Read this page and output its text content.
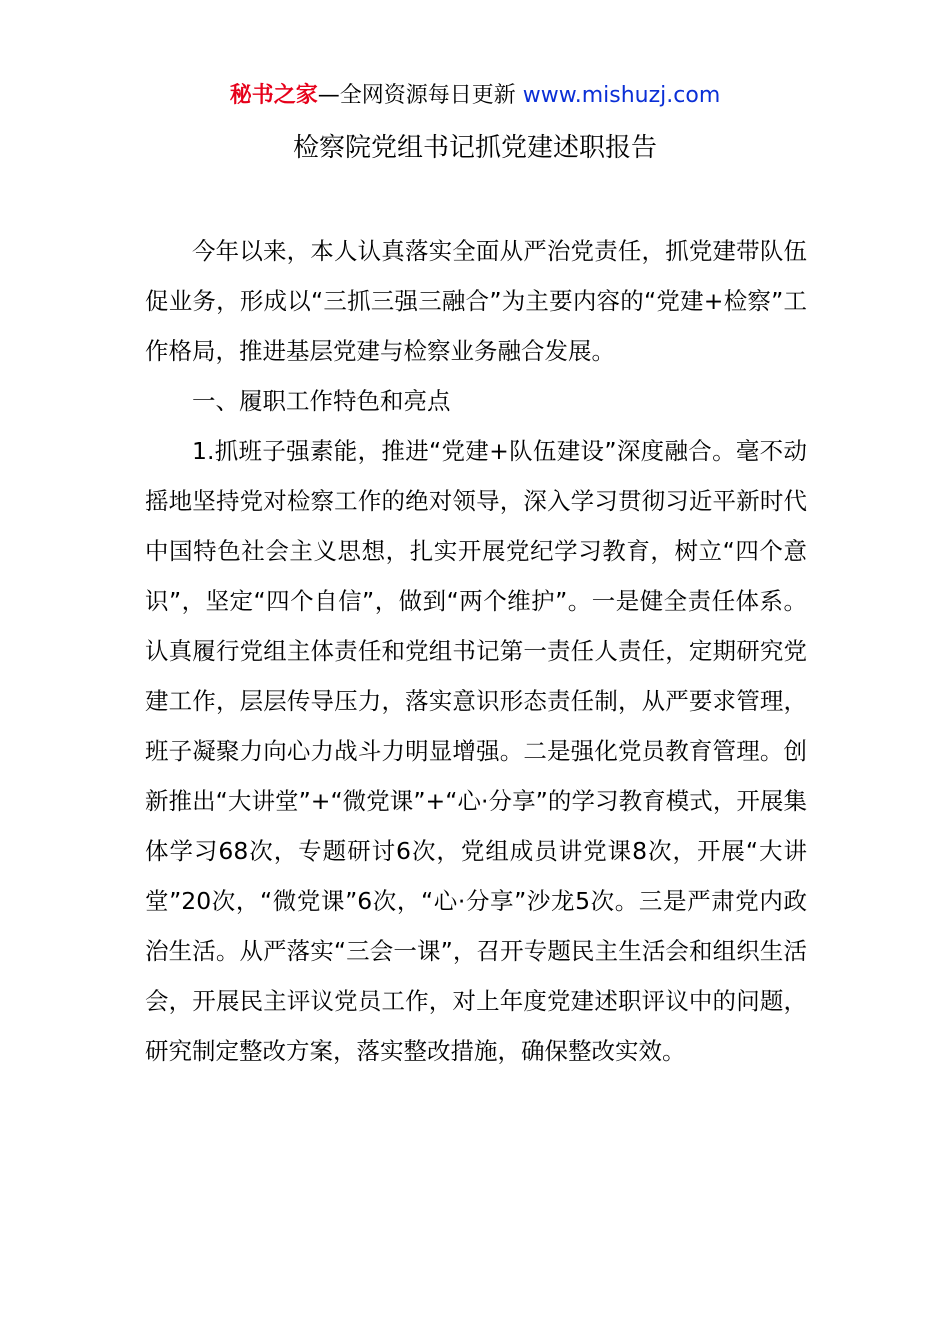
秘书之家—全网资源每日更新 www.mishuzj.com
检察院党组书记抓党建述职报告

今年以来，本人认真落实全面从严治党责任，抓党建带队伍促业务，形成以“三抓三强三融合”为主要内容的“党建+检察”工作格局，推进基层党建与检察业务融合发展。

一、履职工作特色和亮点

1.抓班子强素能，推进“党建+队伍建设”深度融合。毫不动摇地坚持党对检察工作的绝对领导，深入学习贯彻习近平新时代中国特色社会主义思想，扎实开展党纪学习教育，树立“四个意识”，坚定“四个自信”，做到“两个维护”。一是健全责任体系。认真履行党组主体责任和党组书记第一责任人责任，定期研究党建工作，层层传导压力，落实意识形态责任制，从严要求管理，班子凝聚力向心力战斗力明显增强。二是强化党员教育管理。创新推出“大讲堂”+“微党课”+“心·分享”的学习教育模式，开展集体学习68次，专题研讨6次，党组成员讲党课8次，开展“大讲堂”20次，“微党课”6次，“心·分享”沙龙5次。三是严肃党内政治生活。从严落实“三会一课”，召开专题民主生活会和组织生活会，开展民主评议党员工作，对上年度党建述职评议中的问题，研究制定整改方案，落实整改措施，确保整改实效。
